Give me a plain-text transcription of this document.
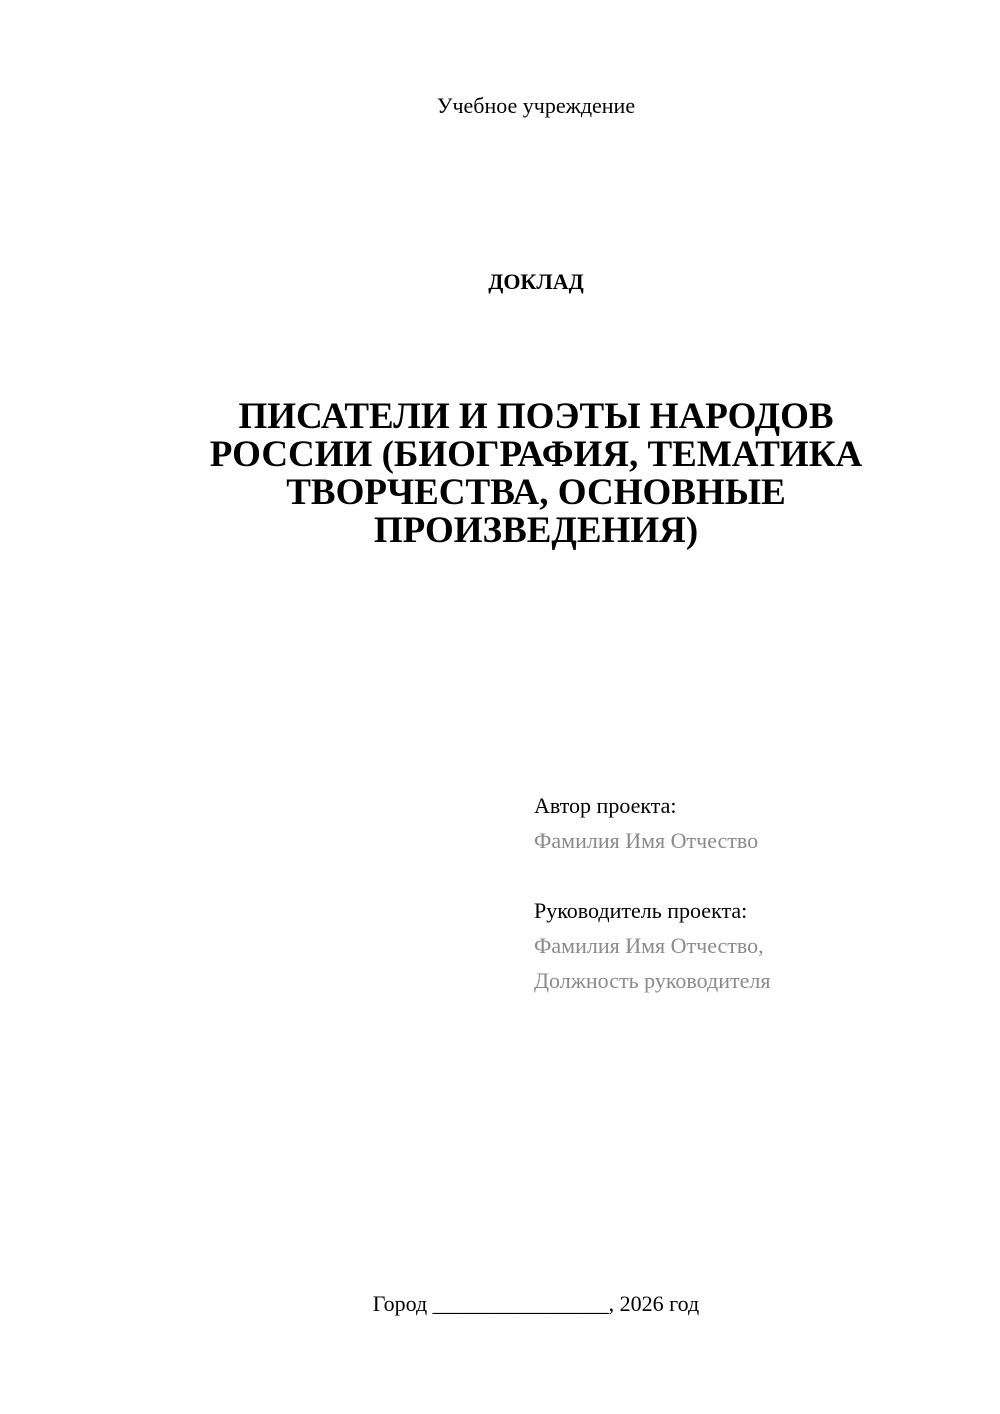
Учебное учреждение
ДОКЛАД
ПИСАТЕЛИ И ПОЭТЫ НАРОДОВ
РОССИИ (БИОГРАФИЯ, ТЕМАТИКА
ТВОРЧЕСТВА, ОСНОВНЫЕ
ПРОИЗВЕДЕНИЯ)
Автор проекта:
Фамилия Имя Отчество
Руководитель проекта:
Фамилия Имя Отчество,
Должность руководителя
Город ________________, 2026 год
